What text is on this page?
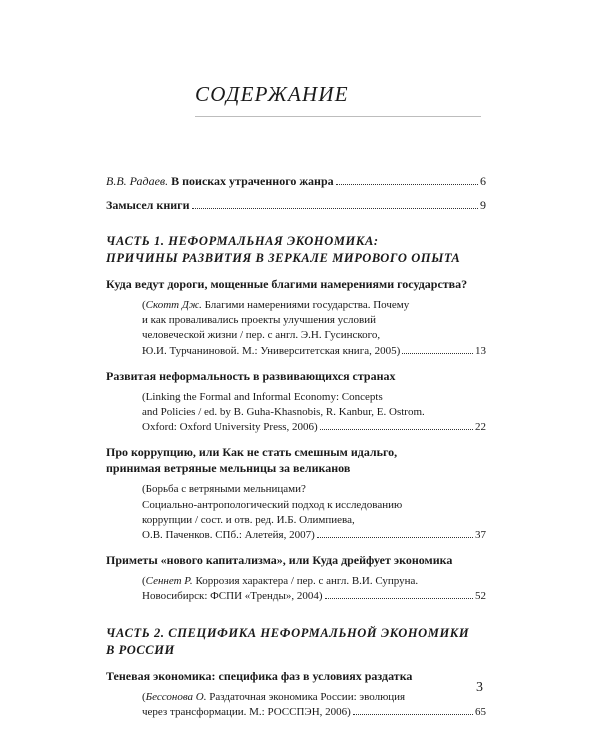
СОДЕРЖАНИЕ
В.В. Радаев. В поисках утраченного жанра	6
Замысел книги	9
ЧАСТЬ 1. НЕФОРМАЛЬНАЯ ЭКОНОМИКА:
ПРИЧИНЫ РАЗВИТИЯ В ЗЕРКАЛЕ МИРОВОГО ОПЫТА

Куда ведут дороги, мощенные благими намерениями государства?

(Скотт Дж. Благими намерениями государства. Почему
и как проваливались проекты улучшения условий
человеческой жизни / пер. с англ. Э.Н. Гусинского,
Ю.И. Турчаниновой. М.: Университетская книга, 2005)	13

Развитая неформальность в развивающихся странах

(Linking the Formal and Informal Economy: Concepts
and Policies / ed. by B. Guha-Khasnobis, R. Kanbur, E. Ostrom.
Oxford: Oxford University Press, 2006)	22

Про коррупцию, или Как не стать смешным идальго,
принимая ветряные мельницы за великанов

(Борьба с ветряными мельницами?
Социально-антропологический подход к исследованию
коррупции / сост. и отв. ред. И.Б. Олимпиева,
О.В. Паченков. СПб.: Алетейя, 2007)	37

Приметы «нового капитализма», или Куда дрейфует экономика

(Сеннет Р. Коррозия характера / пер. с англ. В.И. Супруна.
Новосибирск: ФСПИ «Тренды», 2004)	52
ЧАСТЬ 2. СПЕЦИФИКА НЕФОРМАЛЬНОЙ ЭКОНОМИКИ
В РОССИИ

Теневая экономика: специфика фаз в условиях раздатка

(Бессонова О. Раздаточная экономика России: эволюция
через трансформации. М.: РОССПЭН, 2006)	65

3
